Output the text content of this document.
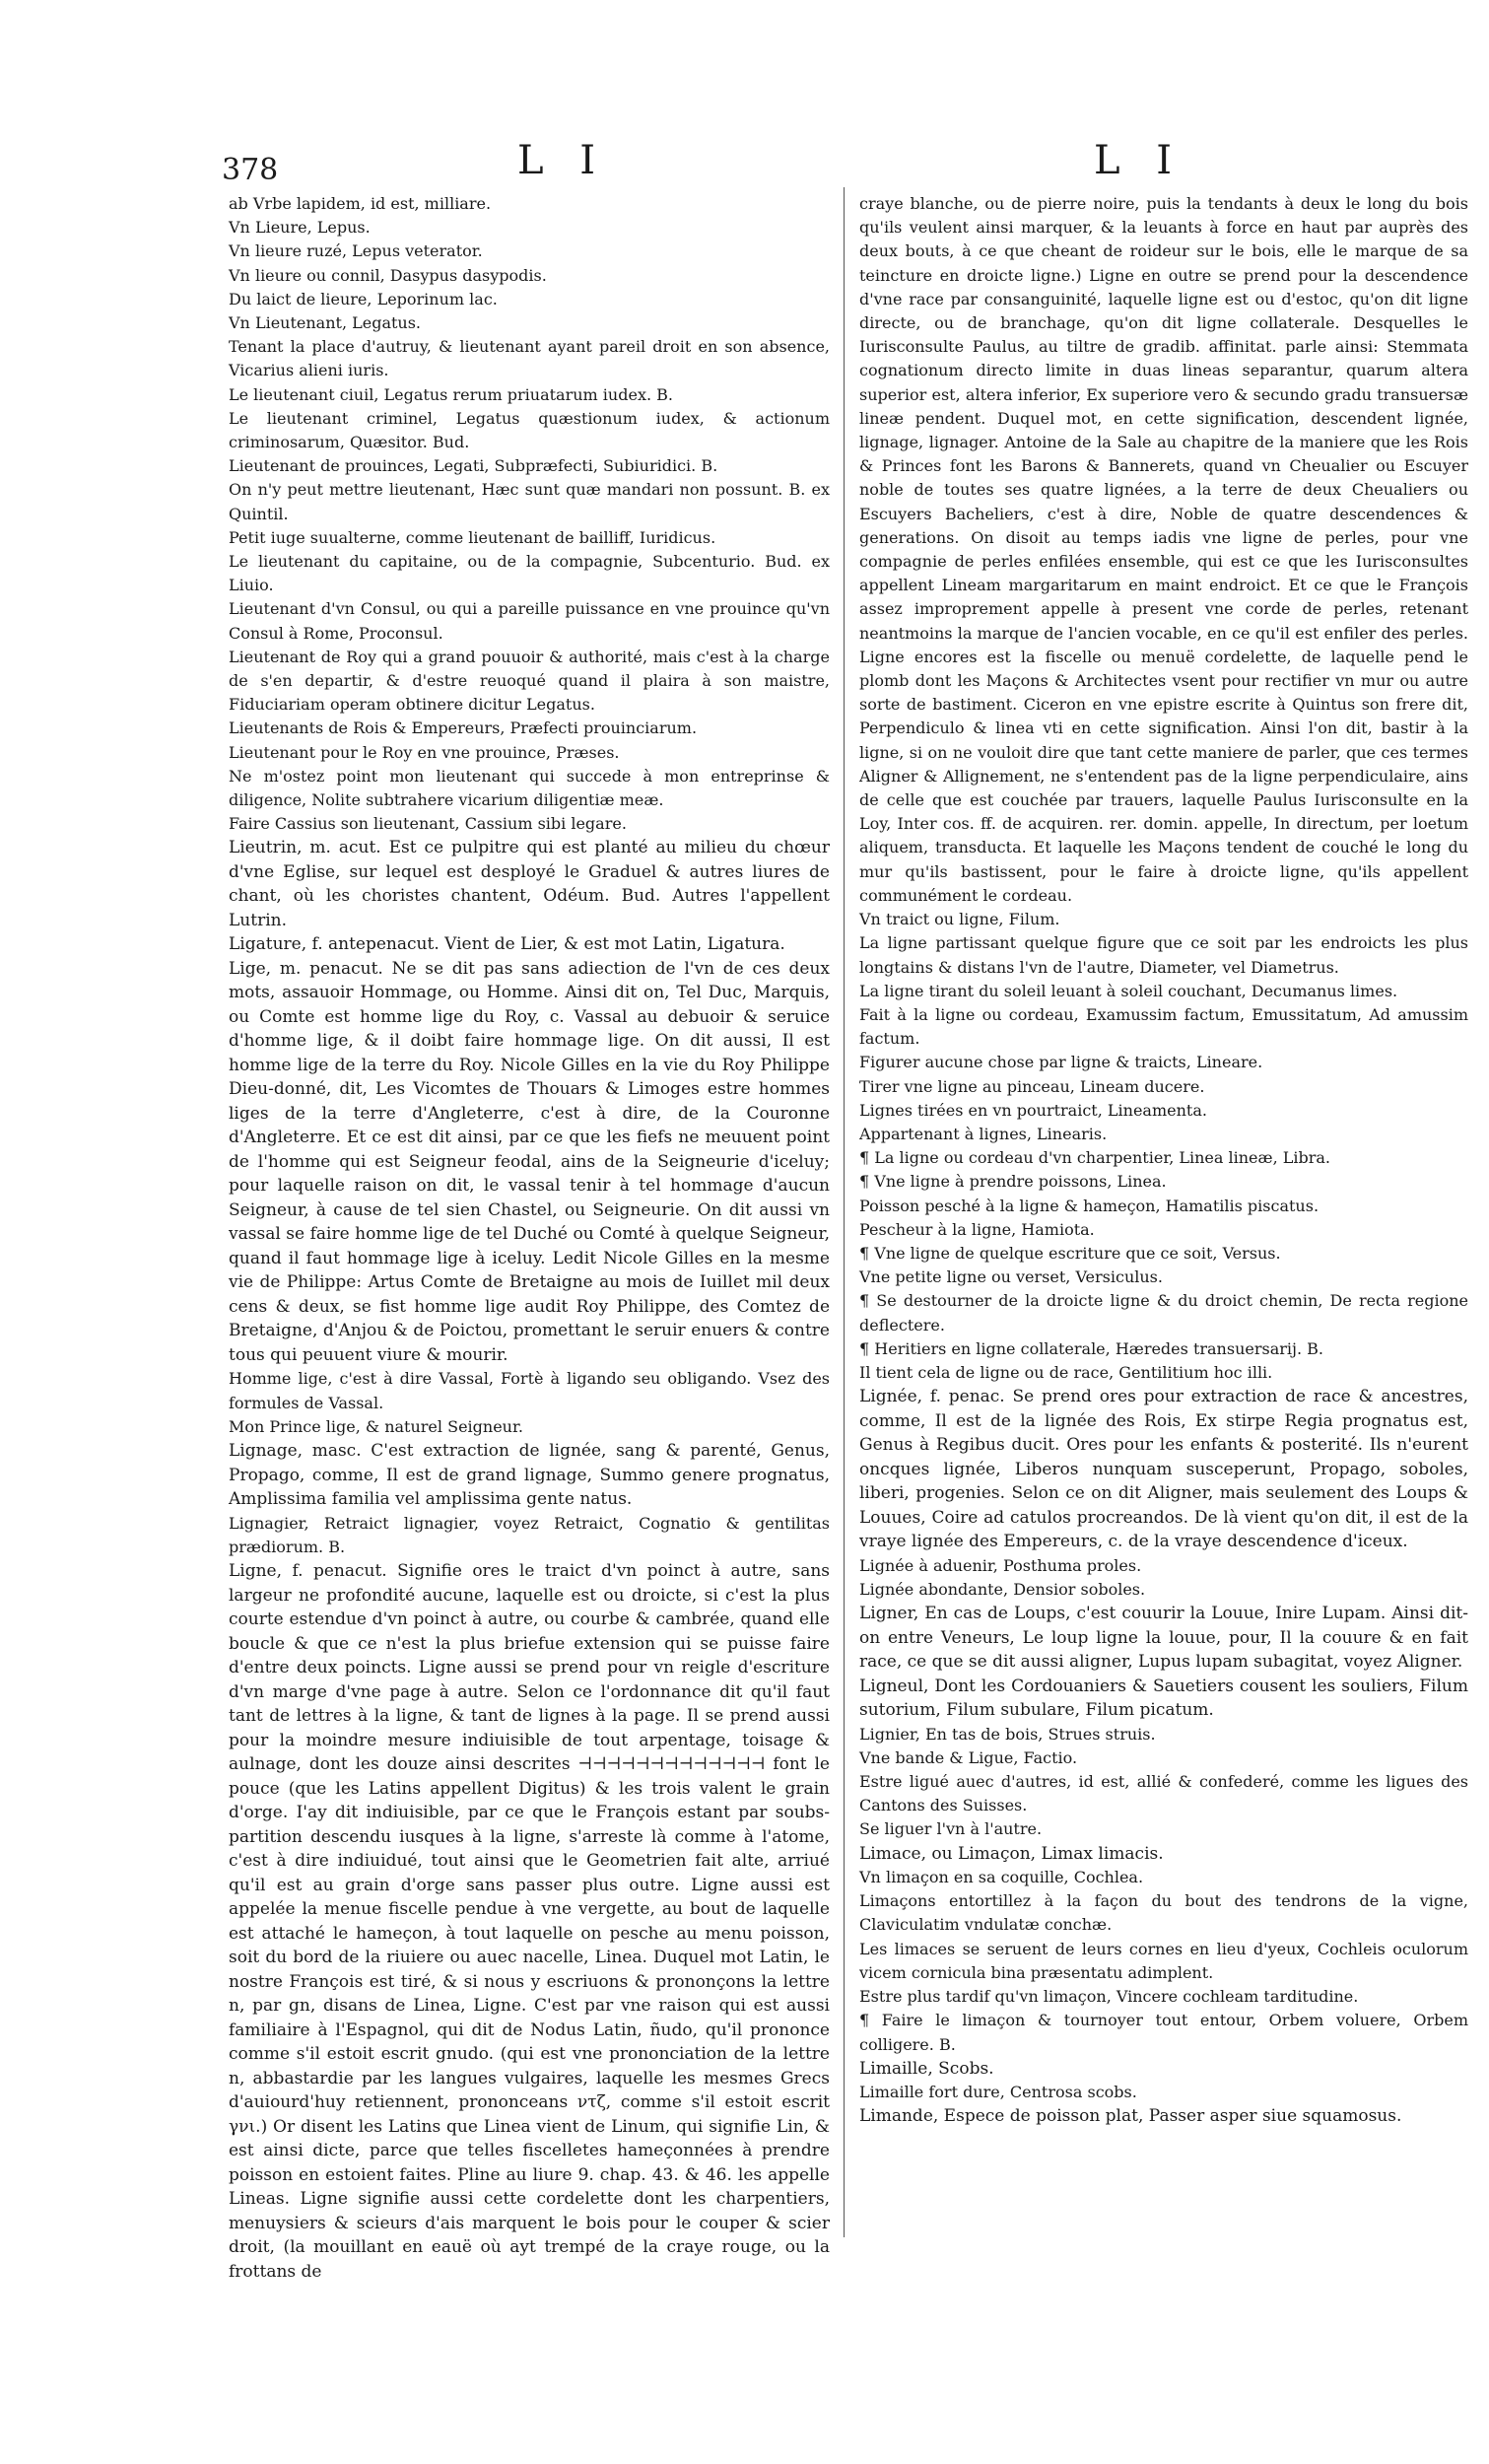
378	L I	L I

ab Vrbe lapidem, id est, milliare.

Vn Lieure, Lepus.

Vn lieure ruzé, Lepus veterator.

Vn lieure ou connil, Dasypus dasypodis.

Du laict de lieure, Leporinum lac.

Vn Lieutenant, Legatus.

Tenant la place d'autruy, & lieutenant ayant pareil droit en son absence, Vicarius alieni iuris.

Le lieutenant ciuil, Legatus rerum priuatarum iudex. B.

Le lieutenant criminel, Legatus quæstionum iudex, & actionum criminosarum, Quæsitor. Bud.

Lieutenant de prouinces, Legati, Subpræfecti, Subiuridici. B.

On n'y peut mettre lieutenant, Hæc sunt quæ mandari non possunt. B. ex Quintil.

Petit iuge suualterne, comme lieutenant de bailliff, Iuridicus.

Le lieutenant du capitaine, ou de la compagnie, Subcenturio. Bud. ex Liuio.

Lieutenant d'vn Consul, ou qui a pareille puissance en vne prouince qu'vn Consul à Rome, Proconsul.

Lieutenant de Roy qui a grand pouuoir & authorité, mais c'est à la charge de s'en departir, & d'estre reuoqué quand il plaira à son maistre, Fiduciariam operam obtinere dicitur Legatus.

Lieutenants de Rois & Empereurs, Præfecti prouinciarum.

Lieutenant pour le Roy en vne prouince, Præses.

Ne m'ostez point mon lieutenant qui succede à mon entreprinse & diligence, Nolite subtrahere vicarium diligentiæ meæ.

Faire Cassius son lieutenant, Cassium sibi legare.

Lieutrin, m. acut. Est ce pulpitre qui est planté au milieu du chœur d'vne Eglise, sur lequel est desployé le Graduel & autres liures de chant, où les choristes chantent, Odéum. Bud. Autres l'appellent Lutrin.

Ligature, f. antepenacut. Vient de Lier, & est mot Latin, Ligatura.

Lige, m. penacut. Ne se dit pas sans adiection de l'vn de ces deux mots, assauoir Hommage, ou Homme. Ainsi dit on, Tel Duc, Marquis, ou Comte est homme lige du Roy, c. Vassal au debuoir & seruice d'homme lige, & il doibt faire hommage lige. On dit aussi, Il est homme lige de la terre du Roy. Nicole Gilles en la vie du Roy Philippe Dieu-donné, dit, Les Vicomtes de Thouars & Limoges estre hommes liges de la terre d'Angleterre, c'est à dire, de la Couronne d'Angleterre. Et ce est dit ainsi, par ce que les fiefs ne meuuent point de l'homme qui est Seigneur feodal, ains de la Seigneurie d'iceluy; pour laquelle raison on dit, le vassal tenir à tel hommage d'aucun Seigneur, à cause de tel sien Chastel, ou Seigneurie. On dit aussi vn vassal se faire homme lige de tel Duché ou Comté à quelque Seigneur, quand il faut hommage lige à iceluy. Ledit Nicole Gilles en la mesme vie de Philippe: Artus Comte de Bretaigne au mois de Iuillet mil deux cens & deux, se fist homme lige audit Roy Philippe, des Comtez de Bretaigne, d'Anjou & de Poictou, promettant le seruir enuers & contre tous qui peuuent viure & mourir.

Homme lige, c'est à dire Vassal, Fortè à ligando seu obligando. Vsez des formules de Vassal.

Mon Prince lige, & naturel Seigneur.

Lignage, masc. C'est extraction de lignée, sang & parenté, Genus, Propago, comme, Il est de grand lignage, Summo genere prognatus, Amplissima familia vel amplissima gente natus.

Lignagier, Retraict lignagier, voyez Retraict, Cognatio & gentilitas prædiorum. B.

Ligne, f. penacut. Signifie ores le traict d'vn poinct à autre, sans largeur ne profondité aucune, laquelle est ou droicte, si c'est la plus courte estendue d'vn poinct à autre, ou courbe & cambrée, quand elle boucle & que ce n'est la plus briefue extension qui se puisse faire d'entre deux poincts. Ligne aussi se prend pour vn reigle d'escriture d'vn marge d'vne page à autre. Selon ce l'ordonnance dit qu'il faut tant de lettres à la ligne, & tant de lignes à la page. Il se prend aussi pour la moindre mesure indiuisible de tout arpentage, toisage & aulnage, dont les douze ainsi descrites ⊣⊣⊣⊣⊣⊣⊣⊣⊣⊣⊣⊣⊣ font le pouce (que les Latins appellent Digitus) & les trois valent le grain d'orge. I'ay dit indiuisible, par ce que le François estant par soubs-partition descendu iusques à la ligne, s'arreste là comme à l'atome, c'est à dire indiuidué, tout ainsi que le Geometrien fait alte, arriué qu'il est au grain d'orge sans passer plus outre. Ligne aussi est appelée la menue fiscelle pendue à vne vergette, au bout de laquelle est attaché le hameçon, à tout laquelle on pesche au menu poisson, soit du bord de la riuiere ou auec nacelle, Linea. Duquel mot Latin, le nostre François est tiré, & si nous y escriuons & prononçons la lettre n, par gn, disans de Linea, Ligne. C'est par vne raison qui est aussi familiaire à l'Espagnol, qui dit de Nodus Latin, ñudo, qu'il prononce comme s'il estoit escrit gnudo. (qui est vne prononciation de la lettre n, abbastardie par les langues vulgaires, laquelle les mesmes Grecs d'auiourd'huy retiennent, prononceans ντζ, comme s'il estoit escrit γνι.) Or disent les Latins que Linea vient de Linum, qui signifie Lin, & est ainsi dicte, parce que telles fiscelletes hameçonnées à prendre poisson en estoient faites. Pline au liure 9. chap. 43. & 46. les appelle Lineas. Ligne signifie aussi cette cordelette dont les charpentiers, menuysiers & scieurs d'ais marquent le bois pour le couper & scier droit, (la mouillant en eauë où ayt trempé de la craye rouge, ou la frottans de

craye blanche, ou de pierre noire, puis la tendants à deux le long du bois qu'ils veulent ainsi marquer, & la leuants à force en haut par auprès des deux bouts, à ce que cheant de roideur sur le bois, elle le marque de sa teincture en droicte ligne.) Ligne en outre se prend pour la descendence d'vne race par consanguinité, laquelle ligne est ou d'estoc, qu'on dit ligne directe, ou de branchage, qu'on dit ligne collaterale. Desquelles le Iurisconsulte Paulus, au tiltre de gradib. affinitat. parle ainsi: Stemmata cognationum directo limite in duas lineas separantur, quarum altera superior est, altera inferior, Ex superiore vero & secundo gradu transuersæ lineæ pendent. Duquel mot, en cette signification, descendent lignée, lignage, lignager. Antoine de la Sale au chapitre de la maniere que les Rois & Princes font les Barons & Bannerets, quand vn Cheualier ou Escuyer noble de toutes ses quatre lignées, a la terre de deux Cheualiers ou Escuyers Bacheliers, c'est à dire, Noble de quatre descendences & generations. On disoit au temps iadis vne ligne de perles, pour vne compagnie de perles enfilées ensemble, qui est ce que les Iurisconsultes appellent Lineam margaritarum en maint endroict. Et ce que le François assez improprement appelle à present vne corde de perles, retenant neantmoins la marque de l'ancien vocable, en ce qu'il est enfiler des perles. Ligne encores est la fiscelle ou menuë cordelette, de laquelle pend le plomb dont les Maçons & Architectes vsent pour rectifier vn mur ou autre sorte de bastiment. Ciceron en vne epistre escrite à Quintus son frere dit, Perpendiculo & linea vti en cette signification. Ainsi l'on dit, bastir à la ligne, si on ne vouloit dire que tant cette maniere de parler, que ces termes Aligner & Allignement, ne s'entendent pas de la ligne perpendiculaire, ains de celle que est couchée par trauers, laquelle Paulus Iurisconsulte en la Loy, Inter cos. ff. de acquiren. rer. domin. appelle, In directum, per loetum aliquem, transducta. Et laquelle les Maçons tendent de couché le long du mur qu'ils bastissent, pour le faire à droicte ligne, qu'ils appellent communément le cordeau.

Vn traict ou ligne, Filum.

La ligne partissant quelque figure que ce soit par les endroicts les plus longtains & distans l'vn de l'autre, Diameter, vel Diametrus.

La ligne tirant du soleil leuant à soleil couchant, Decumanus limes.

Fait à la ligne ou cordeau, Examussim factum, Emussitatum, Ad amussim factum.

Figurer aucune chose par ligne & traicts, Lineare.

Tirer vne ligne au pinceau, Lineam ducere.

Lignes tirées en vn pourtraict, Lineamenta.

Appartenant à lignes, Linearis.

¶ La ligne ou cordeau d'vn charpentier, Linea lineæ, Libra.

¶ Vne ligne à prendre poissons, Linea.

Poisson pesché à la ligne & hameçon, Hamatilis piscatus.

Pescheur à la ligne, Hamiota.

¶ Vne ligne de quelque escriture que ce soit, Versus.

Vne petite ligne ou verset, Versiculus.

¶ Se destourner de la droicte ligne & du droict chemin, De recta regione deflectere.

¶ Heritiers en ligne collaterale, Hæredes transuersarij. B.

Il tient cela de ligne ou de race, Gentilitium hoc illi.

Lignée, f. penac. Se prend ores pour extraction de race & ancestres, comme, Il est de la lignée des Rois, Ex stirpe Regia prognatus est, Genus à Regibus ducit. Ores pour les enfants & posterité. Ils n'eurent oncques lignée, Liberos nunquam susceperunt, Propago, soboles, liberi, progenies. Selon ce on dit Aligner, mais seulement des Loups & Louues, Coire ad catulos procreandos. De là vient qu'on dit, il est de la vraye lignée des Empereurs, c. de la vraye descendence d'iceux.

Lignée à aduenir, Posthuma proles.

Lignée abondante, Densior soboles.

Ligner, En cas de Loups, c'est couurir la Louue, Inire Lupam. Ainsi dit-on entre Veneurs, Le loup ligne la louue, pour, Il la couure & en fait race, ce que se dit aussi aligner, Lupus lupam subagitat, voyez Aligner.

Ligneul, Dont les Cordouaniers & Sauetiers cousent les souliers, Filum sutorium, Filum subulare, Filum picatum.

Lignier, En tas de bois, Strues struis.

Vne bande & Ligue, Factio.

Estre ligué auec d'autres, id est, allié & confederé, comme les ligues des Cantons des Suisses.

Se liguer l'vn à l'autre.

Limace, ou Limaçon, Limax limacis.

Vn limaçon en sa coquille, Cochlea.

Limaçons entortillez à la façon du bout des tendrons de la vigne, Claviculatim vndulatæ conchæ.

Les limaces se seruent de leurs cornes en lieu d'yeux, Cochleis oculorum vicem cornicula bina præsentatu adimplent.

Estre plus tardif qu'vn limaçon, Vincere cochleam tarditudine.

¶ Faire le limaçon & tournoyer tout entour, Orbem voluere, Orbem colligere. B.

Limaille, Scobs.

Limaille fort dure, Centrosa scobs.

Limande, Espece de poisson plat, Passer asper siue squamosus.
